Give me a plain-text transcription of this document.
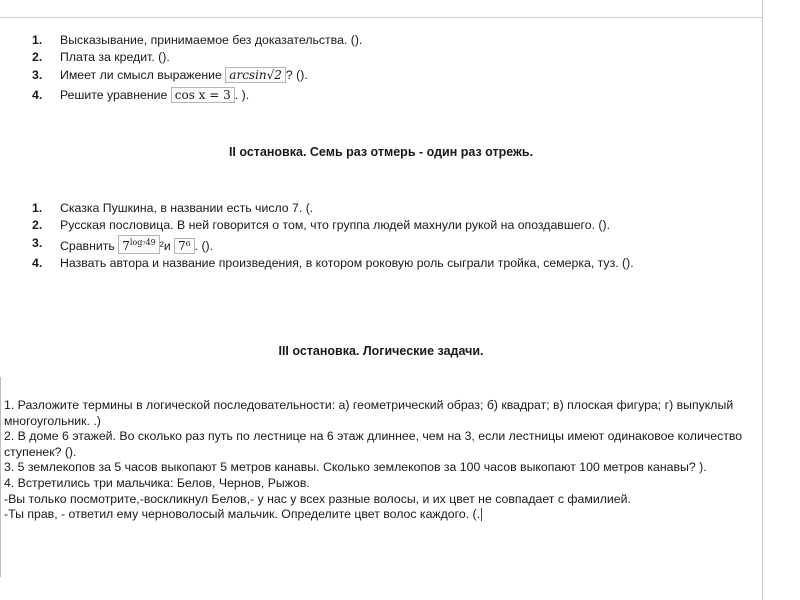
1. Высказывание, принимаемое без доказательства. ().
2. Плата за кредит. ().
3. Имеет ли смысл выражение arcsin√2 ? ().
4. Решите уравнение cos x = 3 . ).
II остановка. Семь раз отмерь - один раз отрежь.
1. Сказка Пушкина, в названии есть число 7. (.
2. Русская пословица. В ней говорится о том, что группа людей махнули рукой на опоздавшего. ().
3. Сравнить $7^{log_749}$ ²и 7⁶ . ().
4. Назвать автора и название произведения, в котором роковую роль сыграли тройка, семерка, туз. ().
III остановка. Логические задачи.

1. Разложите термины в логической последовательности: а) геометрический образ; б) квадрат; в) плоская фигура; г) выпуклый многоугольник. .)

2. В доме 6 этажей. Во сколько раз путь по лестнице на 6 этаж длиннее, чем на 3, если лестницы имеют одинаковое количество ступенек? ().

3. 5 землекопов за 5 часов выкопают 5 метров канавы. Сколько землекопов за 100 часов выкопают 100 метров канавы? ).

4. Встретились три мальчика: Белов, Чернов, Рыжов.

-Вы только посмотрите,-воскликнул Белов,- у нас у всех разные волосы, и их цвет не совпадает с фамилией.

-Ты прав, - ответил ему черноволосый мальчик. Определите цвет волос каждого. (.
